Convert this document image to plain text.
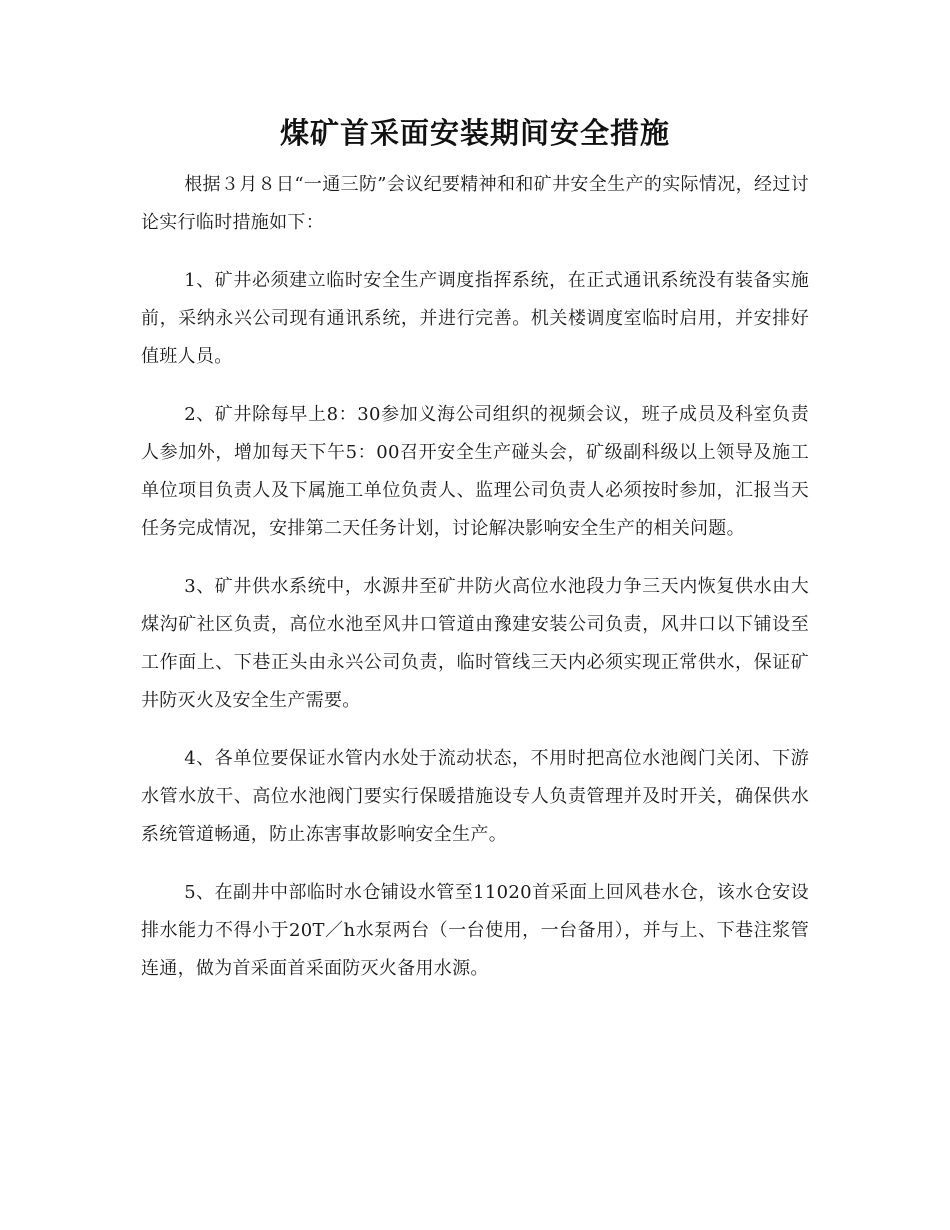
煤矿首采面安装期间安全措施

根据３月８日“一通三防”会议纪要精神和和矿井安全生产的实际情况，经过讨论实行临时措施如下：

1、矿井必须建立临时安全生产调度指挥系统，在正式通讯系统没有装备实施前，采纳永兴公司现有通讯系统，并进行完善。机关楼调度室临时启用，并安排好值班人员。

2、矿井除每早上8：30参加义海公司组织的视频会议，班子成员及科室负责人参加外，增加每天下午5：00召开安全生产碰头会，矿级副科级以上领导及施工单位项目负责人及下属施工单位负责人、监理公司负责人必须按时参加，汇报当天任务完成情况，安排第二天任务计划，讨论解决影响安全生产的相关问题。

3、矿井供水系统中，水源井至矿井防火高位水池段力争三天内恢复供水由大煤沟矿社区负责，高位水池至风井口管道由豫建安装公司负责，风井口以下铺设至工作面上、下巷正头由永兴公司负责，临时管线三天内必须实现正常供水，保证矿井防灭火及安全生产需要。

4、各单位要保证水管内水处于流动状态，不用时把高位水池阀门关闭、下游水管水放干、高位水池阀门要实行保暖措施设专人负责管理并及时开关，确保供水系统管道畅通，防止冻害事故影响安全生产。

5、在副井中部临时水仓铺设水管至11020首采面上回风巷水仓，该水仓安设排水能力不得小于20T／h水泵两台（一台使用，一台备用），并与上、下巷注浆管连通，做为首采面首采面防灭火备用水源。
